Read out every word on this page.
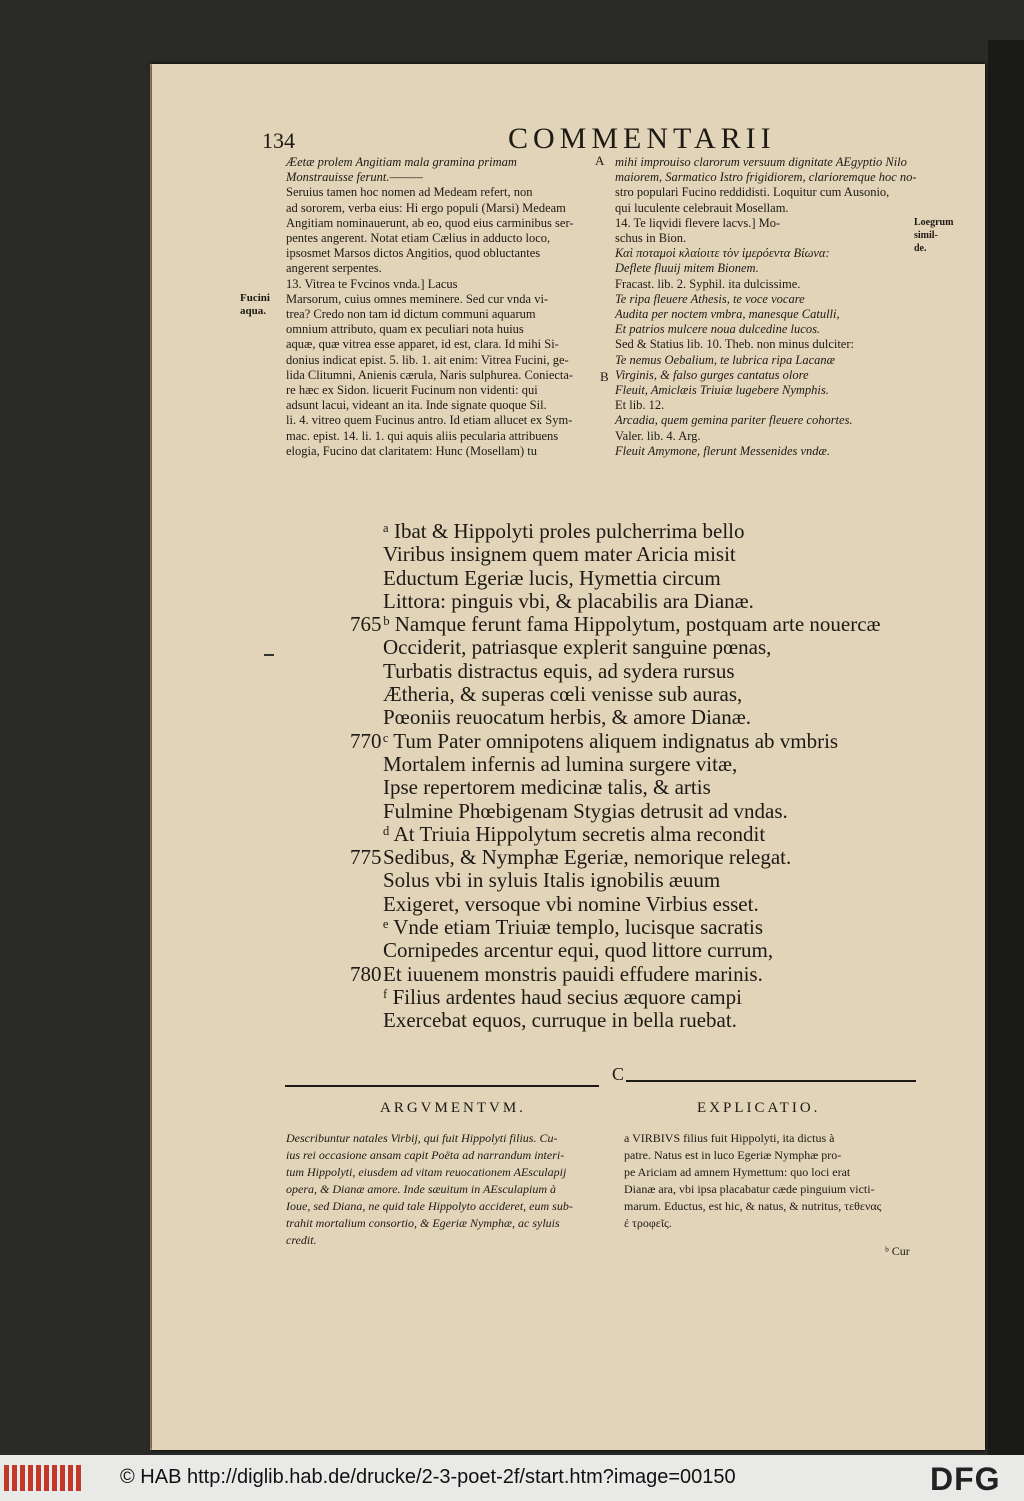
134	COMMENTARII
A
B
C
Fucini
aqua.
Loegrum
simil‑
de.

Æetæ prolem Angitiam mala gramina primam

Monstrauisse ferunt.———

Seruius tamen hoc nomen ad Medeam refert, non

ad sororem, verba eius: Hi ergo populi (Marsi) Medeam

Angitiam nominauerunt, ab eo, quod eius carminibus ser-

pentes angerent. Notat etiam Cælius in adducto loco,

ipsosmet Marsos dictos Angitios, quod obluctantes

angerent serpentes.

13. Vitrea te Fvcinos vnda.] Lacus

Marsorum, cuius omnes meminere. Sed cur vnda vi-

trea? Credo non tam id dictum communi aquarum

omnium attributo, quam ex peculiari nota huius

aquæ, quæ vitrea esse apparet, id est, clara. Id mihi Si-

donius indicat epist. 5. lib. 1. ait enim: Vitrea Fucini, ge-

lida Clitumni, Anienis cærula, Naris sulphurea. Coniecta-

re hæc ex Sidon. licuerit Fucinum non videnti: qui

adsunt lacui, videant an ita. Inde signate quoque Sil.

li. 4. vitreo quem Fucinus antro. Id etiam allucet ex Sym-

mac. epist. 14. li. 1. qui aquis aliis pecularia attribuens

elogia, Fucino dat claritatem: Hunc (Mosellam) tu

mihi improuiso clarorum versuum dignitate AEgyptio Nilo

maiorem, Sarmatico Istro frigidiorem, clarioremque hoc no-

stro populari Fucino reddidisti. Loquitur cum Ausonio,

qui luculente celebrauit Mosellam.

14. Te liqvidi flevere lacvs.] Mo-

schus in Bion.

Καὶ ποταμοὶ κλαίοιτε τὸν ἱμερόεντα Βίωνα:

Deflete fluuij mitem Bionem.

Fracast. lib. 2. Syphil. ita dulcissime.

Te ripa fleuere Athesis, te voce vocare

Audita per noctem vmbra, manesque Catulli,

Et patrios mulcere noua dulcedine lucos.

Sed & Statius lib. 10. Theb. non minus dulciter:

Te nemus Oebalium, te lubrica ripa Lacanæ

Virginis, & falso gurges cantatus olore

Fleuit, Amiclæis Triuiæ lugebere Nymphis.

Et lib. 12.

Arcadia, quem gemina pariter fleuere cohortes.

Valer. lib. 4. Arg.

Fleuit Amymone, flerunt Messenides vndæ.

ᵃ Ibat & Hippolyti proles pulcherrima bello

Viribus insignem quem mater Aricia misit

Eductum Egeriæ lucis, Hymettia circum

Littora: pinguis vbi, & placabilis ara Dianæ.

765ᵇ Namque ferunt fama Hippolytum, postquam arte nouercæ

Occiderit, patriasque explerit sanguine pœnas,

Turbatis distractus equis, ad sydera rursus

Ætheria, & superas cœli venisse sub auras,

Pœoniis reuocatum herbis, & amore Dianæ.

770ᶜ Tum Pater omnipotens aliquem indignatus ab vmbris

Mortalem infernis ad lumina surgere vitæ,

Ipse repertorem medicinæ talis, & artis

Fulmine Phœbigenam Stygias detrusit ad vndas.

ᵈ At Triuia Hippolytum secretis alma recondit

775Sedibus, & Nymphæ Egeriæ, nemorique relegat.

Solus vbi in syluis Italis ignobilis æuum

Exigeret, versoque vbi nomine Virbius esset.

ᵉ Vnde etiam Triuiæ templo, lucisque sacratis

Cornipedes arcentur equi, quod littore currum,

780Et iuuenem monstris pauidi effudere marinis.

ᶠ Filius ardentes haud secius æquore campi

Exercebat equos, curruque in bella ruebat.

ARGVMENTVM.	EXPLICATIO.

Describuntur natales Virbij, qui fuit Hippolyti filius. Cu-

ius rei occasione ansam capit Poëta ad narrandum interi-

tum Hippolyti, eiusdem ad vitam reuocationem AEsculapij

opera, & Dianæ amore. Inde sæuitum in AEsculapium à

Ioue, sed Diana, ne quid tale Hippolyto accideret, eum sub-

trahit mortalium consortio, & Egeriæ Nymphæ, ac syluis

credit.

a VIRBIVS filius fuit Hippolyti, ita dictus à

patre. Natus est in luco Egeriæ Nymphæ pro-

pe Ariciam ad amnem Hymettum: quo loci erat

Dianæ ara, vbi ipsa placabatur cæde pinguium victi-

marum. Eductus, est hic, & natus, & nutritus, τεθενας

ἐ τροφεῖς.

ᵇ Cur
© HAB http://diglib.hab.de/drucke/2-3-poet-2f/start.htm?image=00150	DFG
